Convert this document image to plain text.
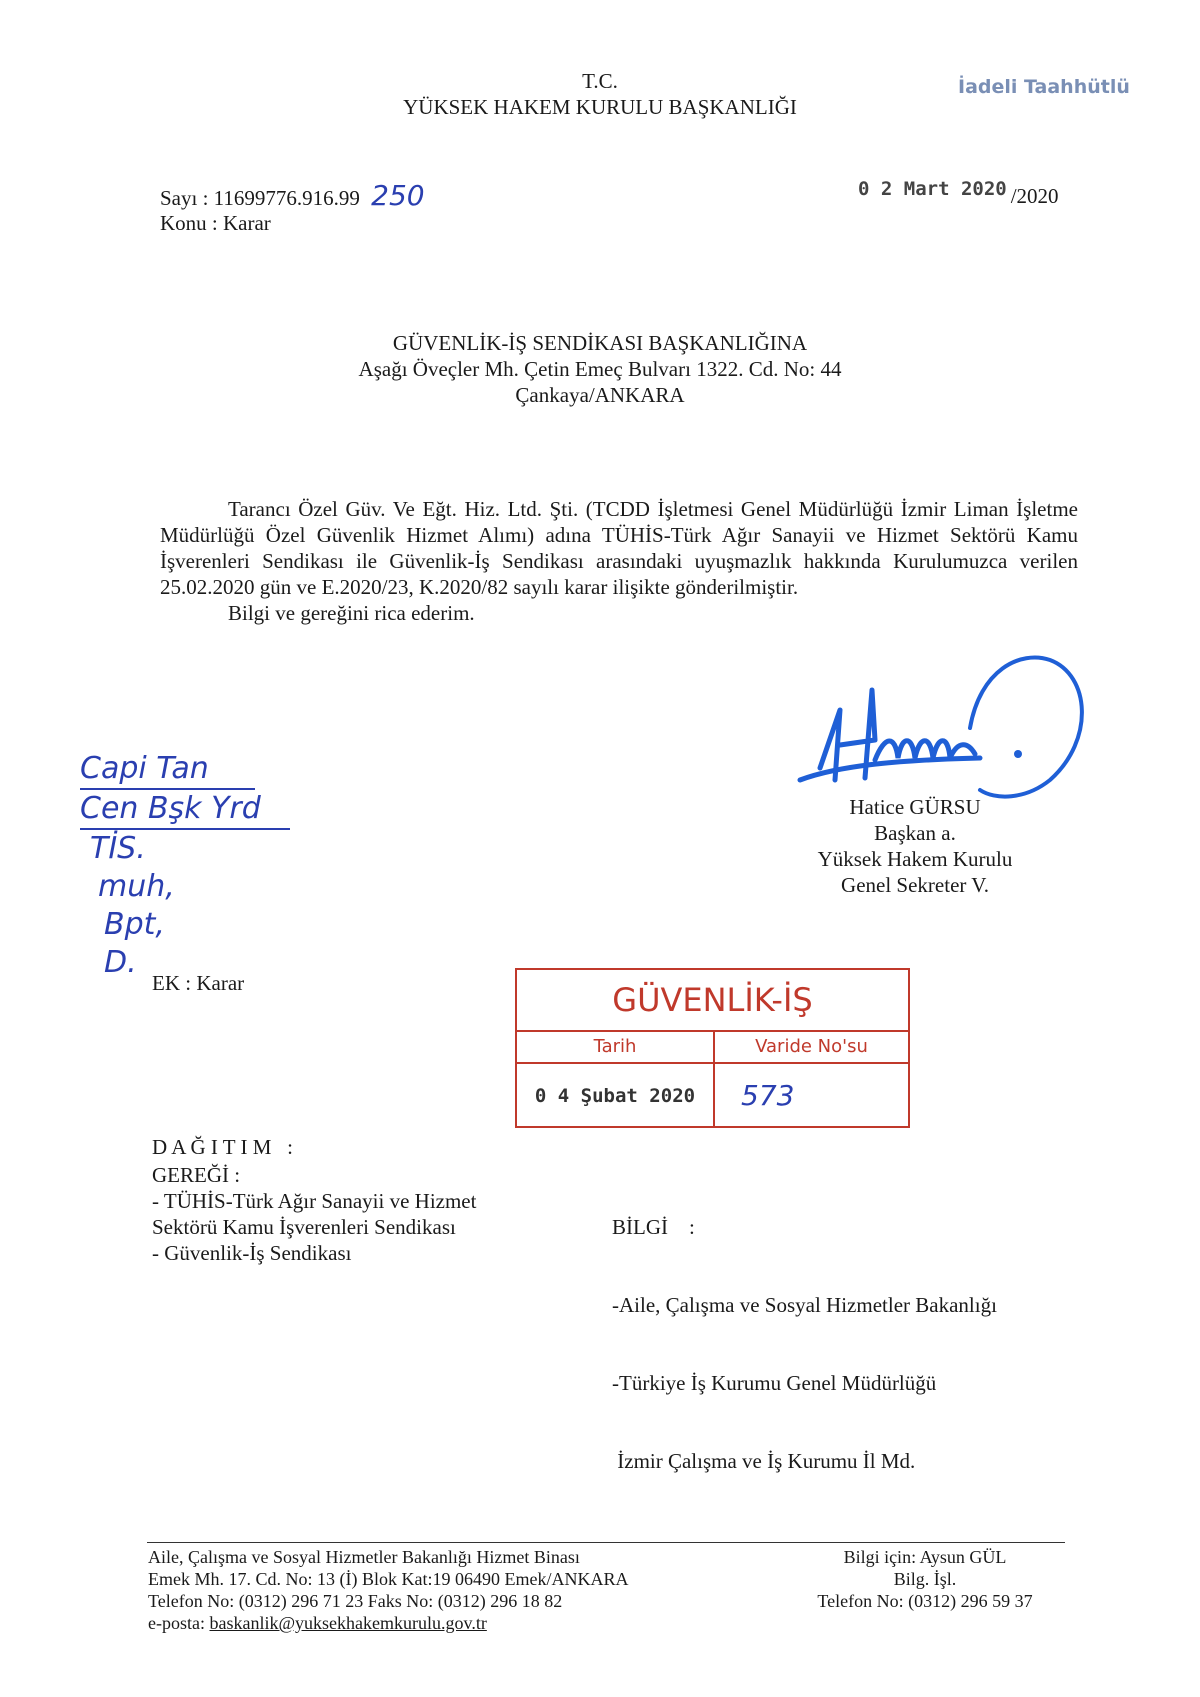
T.C.
YÜKSEK HAKEM KURULU BAŞKANLIĞI
İadeli Taahhütlü
Sayı : 11699776.916.99 250
Konu : Karar
0 2 Mart 2020 /2020
GÜVENLİK-İŞ SENDİKASI BAŞKANLIĞINA
Aşağı Öveçler Mh. Çetin Emeç Bulvarı 1322. Cd. No: 44
Çankaya/ANKARA

Tarancı Özel Güv. Ve Eğt. Hiz. Ltd. Şti. (TCDD İşletmesi Genel Müdürlüğü İzmir Liman İşletme Müdürlüğü Özel Güvenlik Hizmet Alımı) adına TÜHİS-Türk Ağır Sanayii ve Hizmet Sektörü Kamu İşverenleri Sendikası ile Güvenlik-İş Sendikası arasındaki uyuşmazlık hakkında Kurulumuzca verilen 25.02.2020 gün ve E.2020/23, K.2020/82 sayılı karar ilişikte gönderilmiştir.

Bilgi ve gereğini rica ederim.

Capi Tan
Cen Bşk Yrd
TİS.
muh,
Bpt,
D.
Hatice GÜRSU
Başkan a.
Yüksek Hakem Kurulu
Genel Sekreter V.
EK : Karar	GÜVENLİK-İŞ
Tarih	Varide No'su
0 4 Şubat 2020	573
D A Ğ I T I M   :
GEREĞİ :
- TÜHİS-Türk Ağır Sanayii ve Hizmet
Sektörü Kamu İşverenleri Sendikası
- Güvenlik-İş Sendikası

BİLGİ    :

-Aile, Çalışma ve Sosyal Hizmetler Bakanlığı

-Türkiye İş Kurumu Genel Müdürlüğü

İzmir Çalışma ve İş Kurumu İl Md.

Aile, Çalışma ve Sosyal Hizmetler Bakanlığı Hizmet Binası
Emek Mh. 17. Cd. No: 13 (İ) Blok Kat:19 06490 Emek/ANKARA
Telefon No: (0312) 296 71 23 Faks No: (0312) 296 18 82
e-posta: baskanlik@yuksekhakemkurulu.gov.tr
Bilgi için: Aysun GÜL
Bilg. İşl.
Telefon No: (0312) 296 59 37
